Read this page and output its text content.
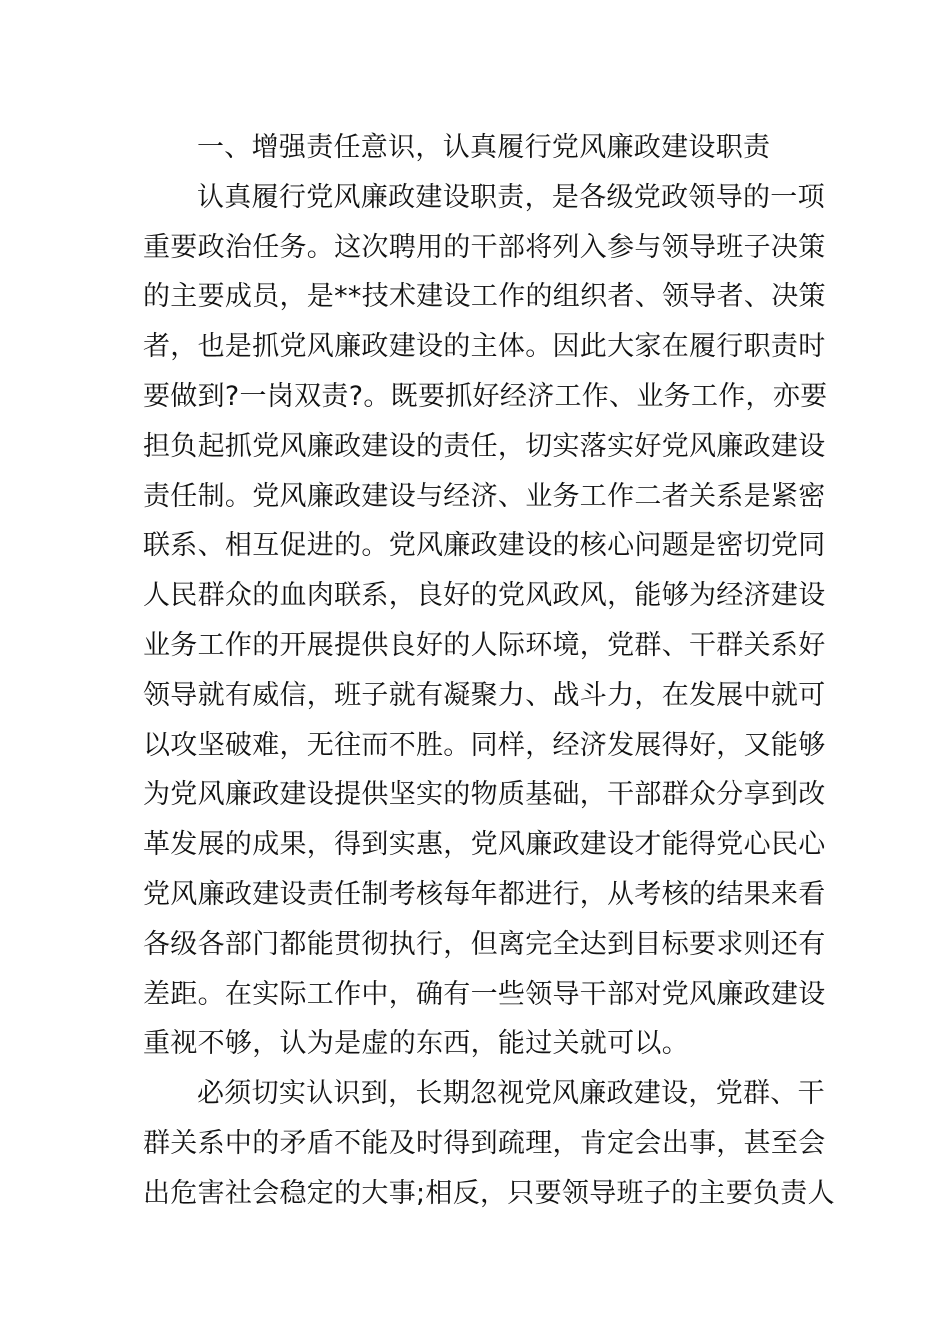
一、增强责任意识，认真履行党风廉政建设职责
认真履行党风廉政建设职责，是各级党政领导的一项
重要政治任务。这次聘用的干部将列入参与领导班子决策
的主要成员，是**技术建设工作的组织者、领导者、决策
者，也是抓党风廉政建设的主体。因此大家在履行职责时
要做到?一岗双责?。既要抓好经济工作、业务工作，亦要
担负起抓党风廉政建设的责任，切实落实好党风廉政建设
责任制。党风廉政建设与经济、业务工作二者关系是紧密
联系、相互促进的。党风廉政建设的核心问题是密切党同
人民群众的血肉联系，良好的党风政风，能够为经济建设
业务工作的开展提供良好的人际环境，党群、干群关系好
领导就有威信，班子就有凝聚力、战斗力，在发展中就可
以攻坚破难，无往而不胜。同样，经济发展得好，又能够
为党风廉政建设提供坚实的物质基础，干部群众分享到改
革发展的成果，得到实惠，党风廉政建设才能得党心民心
党风廉政建设责任制考核每年都进行，从考核的结果来看
各级各部门都能贯彻执行，但离完全达到目标要求则还有
差距。在实际工作中，确有一些领导干部对党风廉政建设
重视不够，认为是虚的东西，能过关就可以。
必须切实认识到，长期忽视党风廉政建设，党群、干
群关系中的矛盾不能及时得到疏理，肯定会出事，甚至会
出危害社会稳定的大事;相反，只要领导班子的主要负责人
